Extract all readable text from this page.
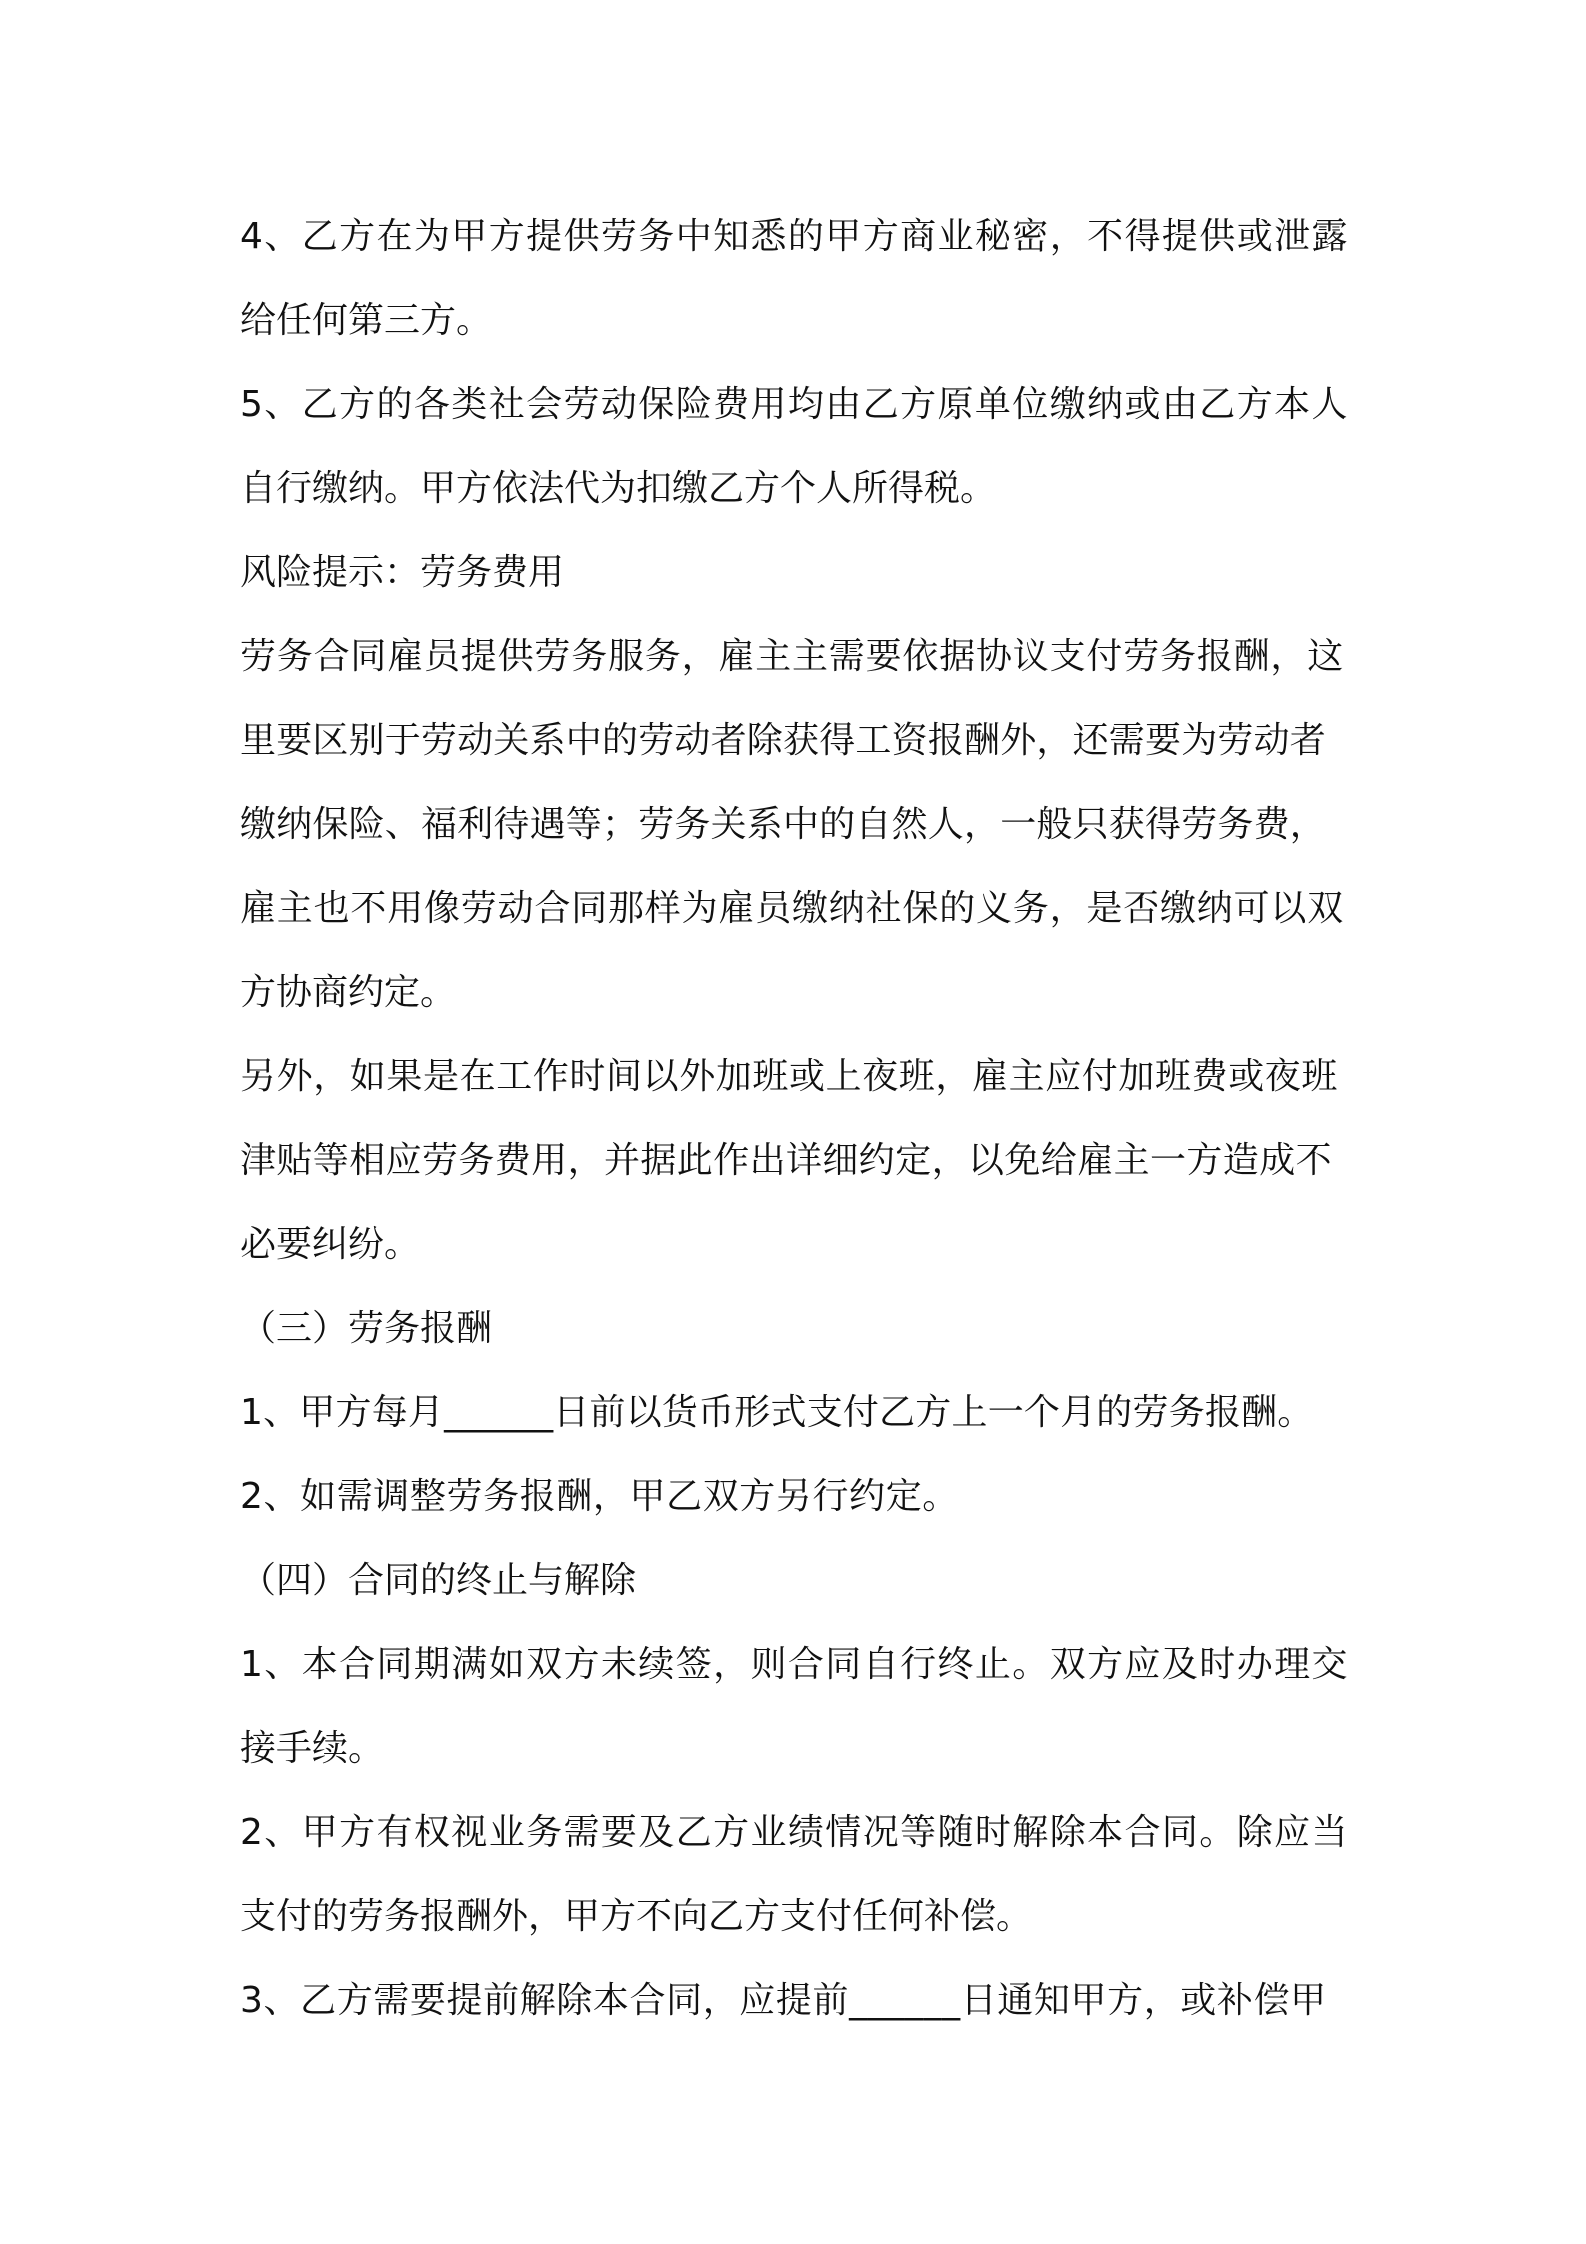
4、乙方在为甲方提供劳务中知悉的甲方商业秘密，不得提供或泄露
给任何第三方。
5、乙方的各类社会劳动保险费用均由乙方原单位缴纳或由乙方本人
自行缴纳。甲方依法代为扣缴乙方个人所得税。
风险提示：劳务费用
劳务合同雇员提供劳务服务，雇主主需要依据协议支付劳务报酬，这
里要区别于劳动关系中的劳动者除获得工资报酬外，还需要为劳动者
缴纳保险、福利待遇等；劳务关系中的自然人，一般只获得劳务费，
雇主也不用像劳动合同那样为雇员缴纳社保的义务，是否缴纳可以双
方协商约定。
另外，如果是在工作时间以外加班或上夜班，雇主应付加班费或夜班
津贴等相应劳务费用，并据此作出详细约定，以免给雇主一方造成不
必要纠纷。
（三）劳务报酬
1、甲方每月______日前以货币形式支付乙方上一个月的劳务报酬。
2、如需调整劳务报酬，甲乙双方另行约定。
（四）合同的终止与解除
1、本合同期满如双方未续签，则合同自行终止。双方应及时办理交
接手续。
2、甲方有权视业务需要及乙方业绩情况等随时解除本合同。除应当
支付的劳务报酬外，甲方不向乙方支付任何补偿。
3、乙方需要提前解除本合同，应提前______日通知甲方，或补偿甲
